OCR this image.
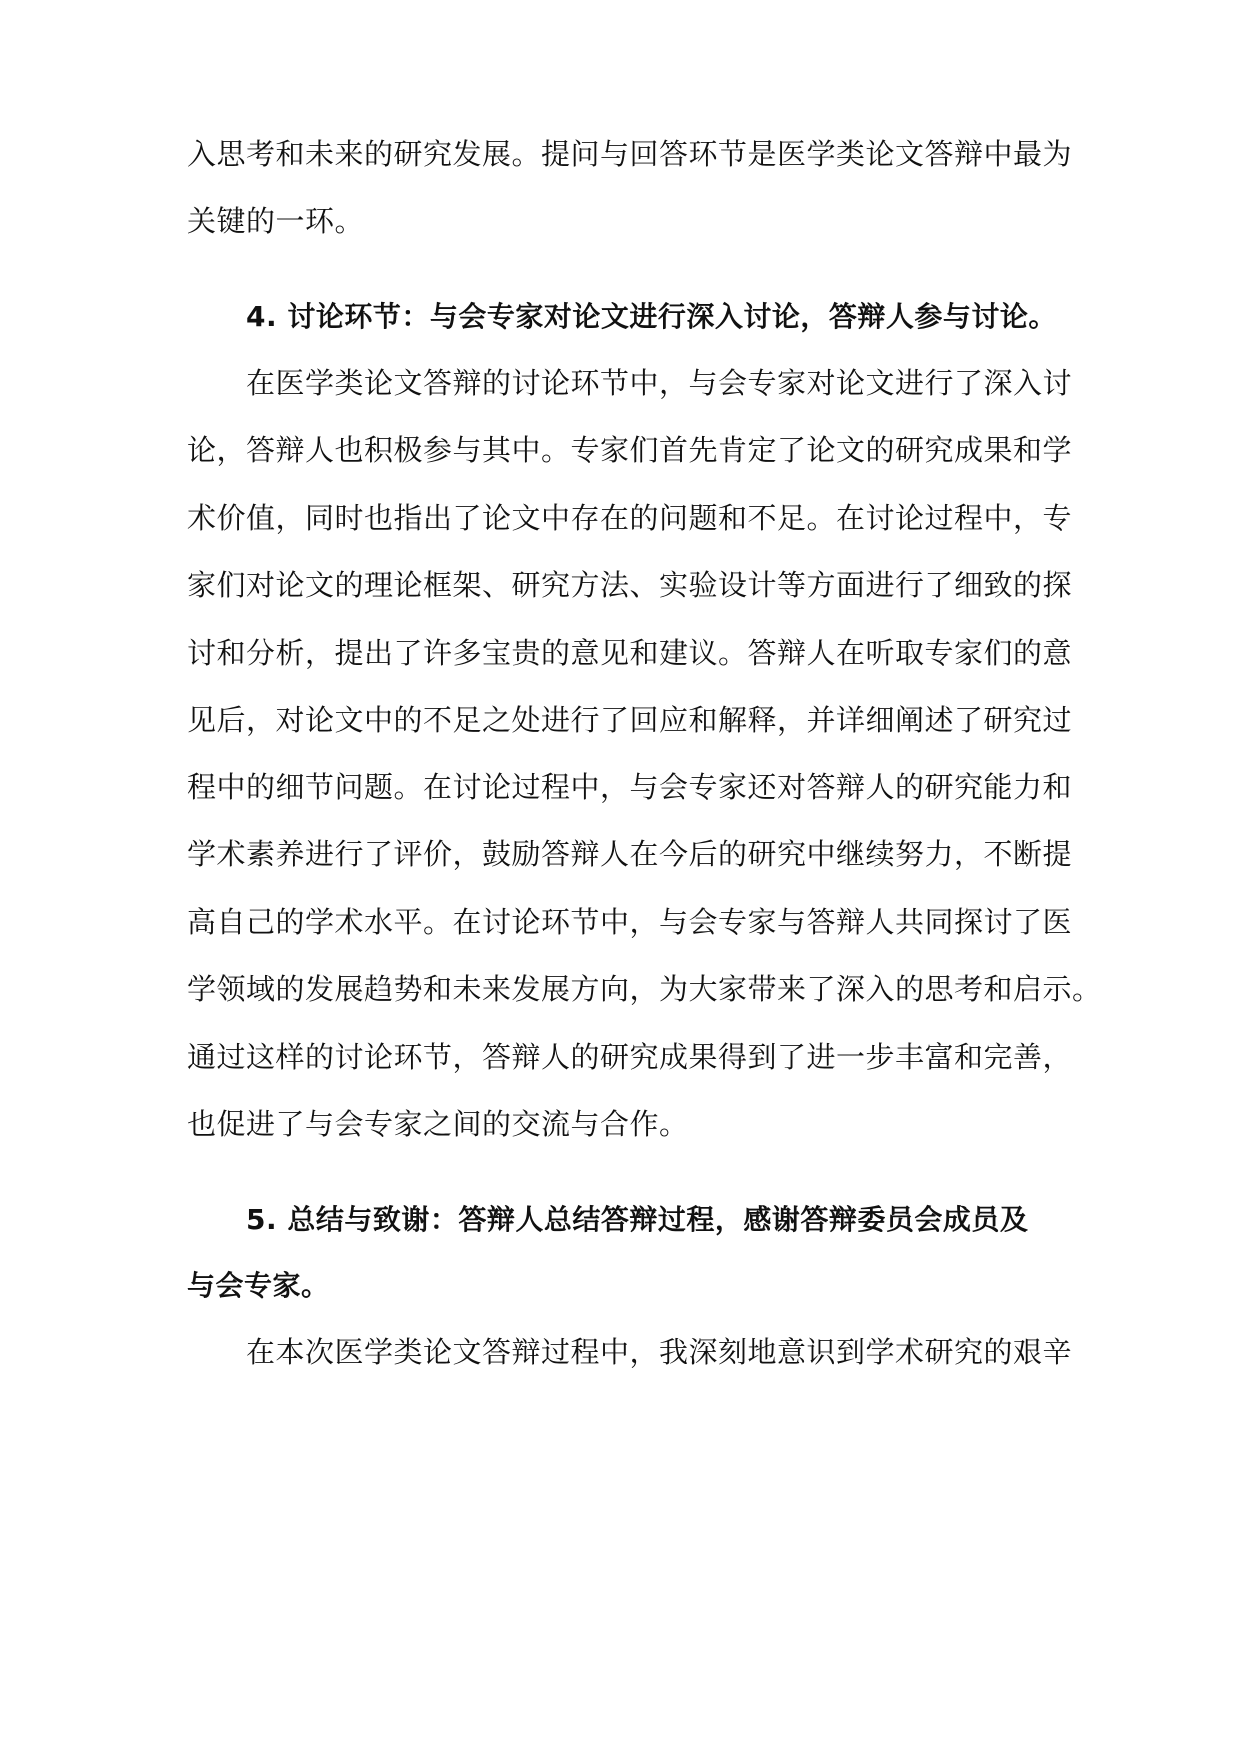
入思考和未来的研究发展。提问与回答环节是医学类论文答辩中最为
关键的一环。
4. 讨论环节：与会专家对论文进行深入讨论，答辩人参与讨论。
在医学类论文答辩的讨论环节中，与会专家对论文进行了深入讨
论，答辩人也积极参与其中。专家们首先肯定了论文的研究成果和学
术价值，同时也指出了论文中存在的问题和不足。在讨论过程中，专
家们对论文的理论框架、研究方法、实验设计等方面进行了细致的探
讨和分析，提出了许多宝贵的意见和建议。答辩人在听取专家们的意
见后，对论文中的不足之处进行了回应和解释，并详细阐述了研究过
程中的细节问题。在讨论过程中，与会专家还对答辩人的研究能力和
学术素养进行了评价，鼓励答辩人在今后的研究中继续努力，不断提
高自己的学术水平。在讨论环节中，与会专家与答辩人共同探讨了医
学领域的发展趋势和未来发展方向，为大家带来了深入的思考和启示。
通过这样的讨论环节，答辩人的研究成果得到了进一步丰富和完善，
也促进了与会专家之间的交流与合作。
5. 总结与致谢：答辩人总结答辩过程，感谢答辩委员会成员及
与会专家。
在本次医学类论文答辩过程中，我深刻地意识到学术研究的艰辛
